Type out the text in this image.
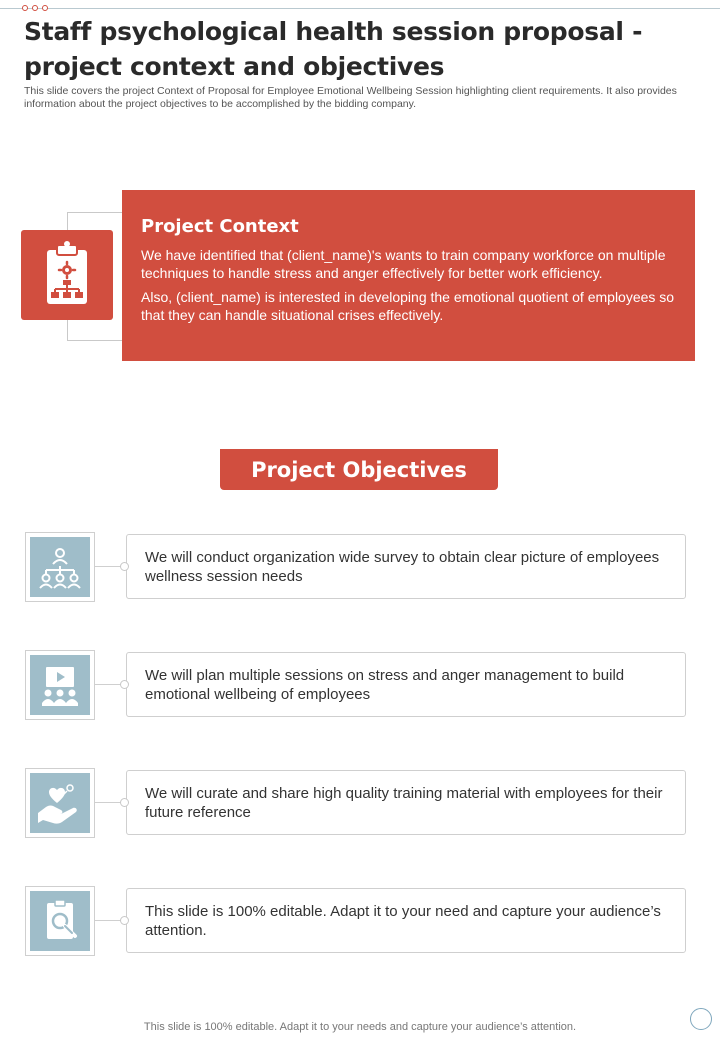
Staff psychological health session proposal - project context and objectives
This slide covers the project Context of Proposal for Employee Emotional Wellbeing Session highlighting client requirements. It also provides information about the project objectives to be accomplished by the bidding company.
Project Context

We have identified that (client_name)'s wants to train company workforce on multiple techniques to handle stress and anger effectively for better work efficiency.

Also, (client_name) is interested in developing the emotional quotient of employees so that they can handle situational crises effectively.

Project Objectives
We will conduct organization wide survey to obtain clear picture of employees wellness session needs
We will plan multiple sessions on stress and anger management to build emotional wellbeing of employees
We will curate and share high quality training material with employees for their future reference
This slide is 100% editable. Adapt it to your need and capture your audience’s attention.
This slide is 100% editable. Adapt it to your needs and capture your audience’s attention.
